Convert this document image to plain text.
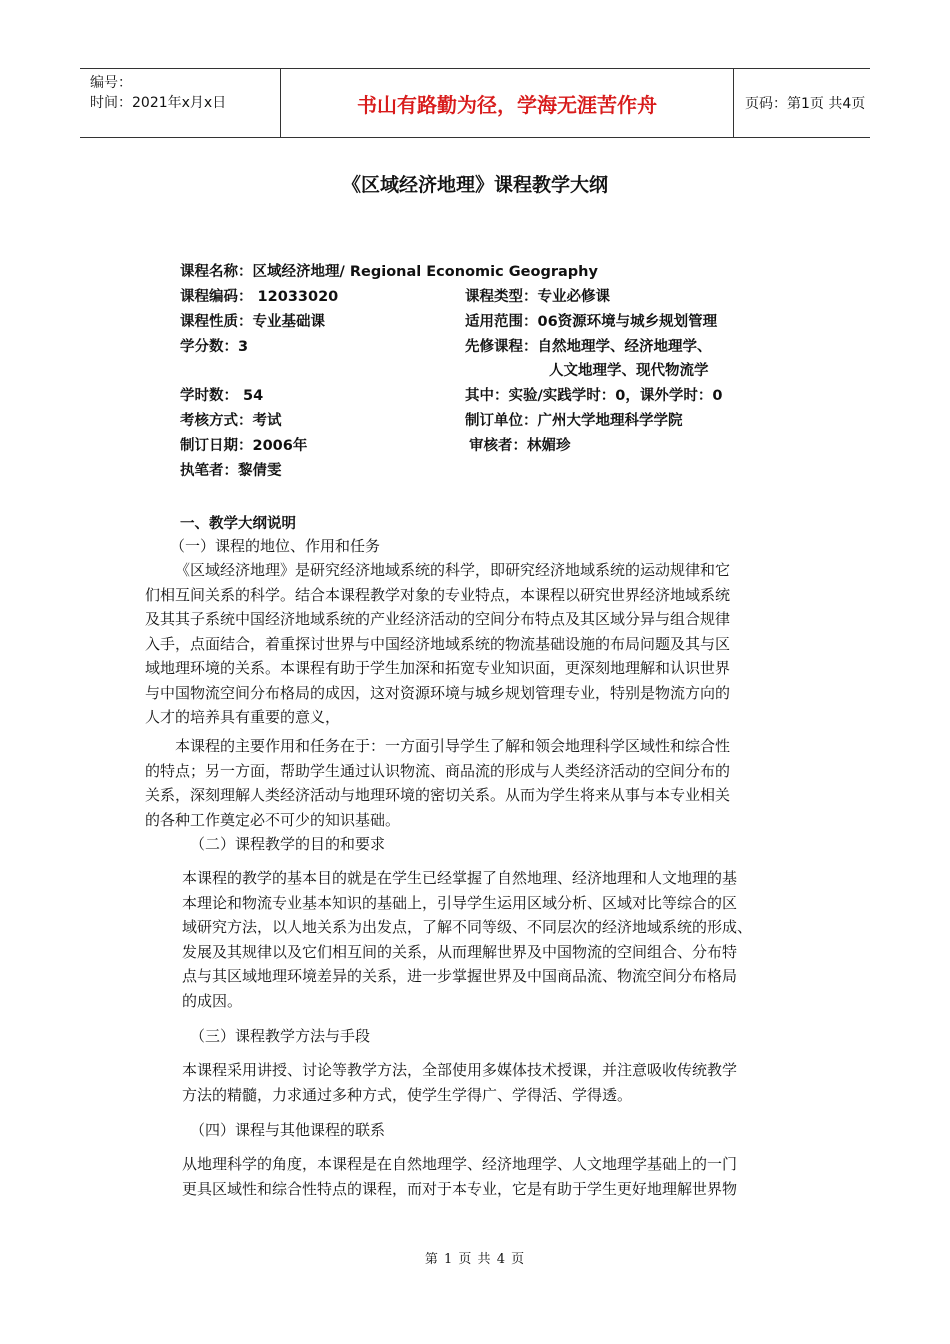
编号：
时间：2021年x月x日	书山有路勤为径，学海无涯苦作舟	页码：第1页 共4页
《区域经济地理》课程教学大纲
课程名称：区域经济地理/ Regional Economic Geography
课程编码： 12033020	课程类型：专业必修课
课程性质：专业基础课	适用范围：06资源环境与城乡规划管理
学分数：3	先修课程：自然地理学、经济地理学、
人文地理学、现代物流学
学时数： 54	其中：实验/实践学时：0，课外学时：0
考核方式：考试	制订单位：广州大学地理科学学院
制订日期：2006年	审核者：林媚珍
执笔者：黎倩雯
一、教学大纲说明
（一）课程的地位、作用和任务
《区域经济地理》是研究经济地域系统的科学，即研究经济地域系统的运动规律和它
们相互间关系的科学。结合本课程教学对象的专业特点，本课程以研究世界经济地域系统
及其其子系统中国经济地域系统的产业经济活动的空间分布特点及其区域分异与组合规律
入手，点面结合，着重探讨世界与中国经济地域系统的物流基础设施的布局问题及其与区
域地理环境的关系。本课程有助于学生加深和拓宽专业知识面，更深刻地理解和认识世界
与中国物流空间分布格局的成因，这对资源环境与城乡规划管理专业，特别是物流方向的
人才的培养具有重要的意义，
本课程的主要作用和任务在于：一方面引导学生了解和领会地理科学区域性和综合性
的特点；另一方面，帮助学生通过认识物流、商品流的形成与人类经济活动的空间分布的
关系，深刻理解人类经济活动与地理环境的密切关系。从而为学生将来从事与本专业相关
的各种工作奠定必不可少的知识基础。
（二）课程教学的目的和要求
本课程的教学的基本目的就是在学生已经掌握了自然地理、经济地理和人文地理的基
本理论和物流专业基本知识的基础上，引导学生运用区域分析、区域对比等综合的区
域研究方法，以人地关系为出发点，了解不同等级、不同层次的经济地域系统的形成、
发展及其规律以及它们相互间的关系，从而理解世界及中国物流的空间组合、分布特
点与其区域地理环境差异的关系，进一步掌握世界及中国商品流、物流空间分布格局
的成因。
（三）课程教学方法与手段
本课程采用讲授、讨论等教学方法，全部使用多媒体技术授课，并注意吸收传统教学
方法的精髓，力求通过多种方式，使学生学得广、学得活、学得透。
（四）课程与其他课程的联系
从地理科学的角度，本课程是在自然地理学、经济地理学、人文地理学基础上的一门
更具区域性和综合性特点的课程，而对于本专业，它是有助于学生更好地理解世界物
第 1 页 共 4 页
